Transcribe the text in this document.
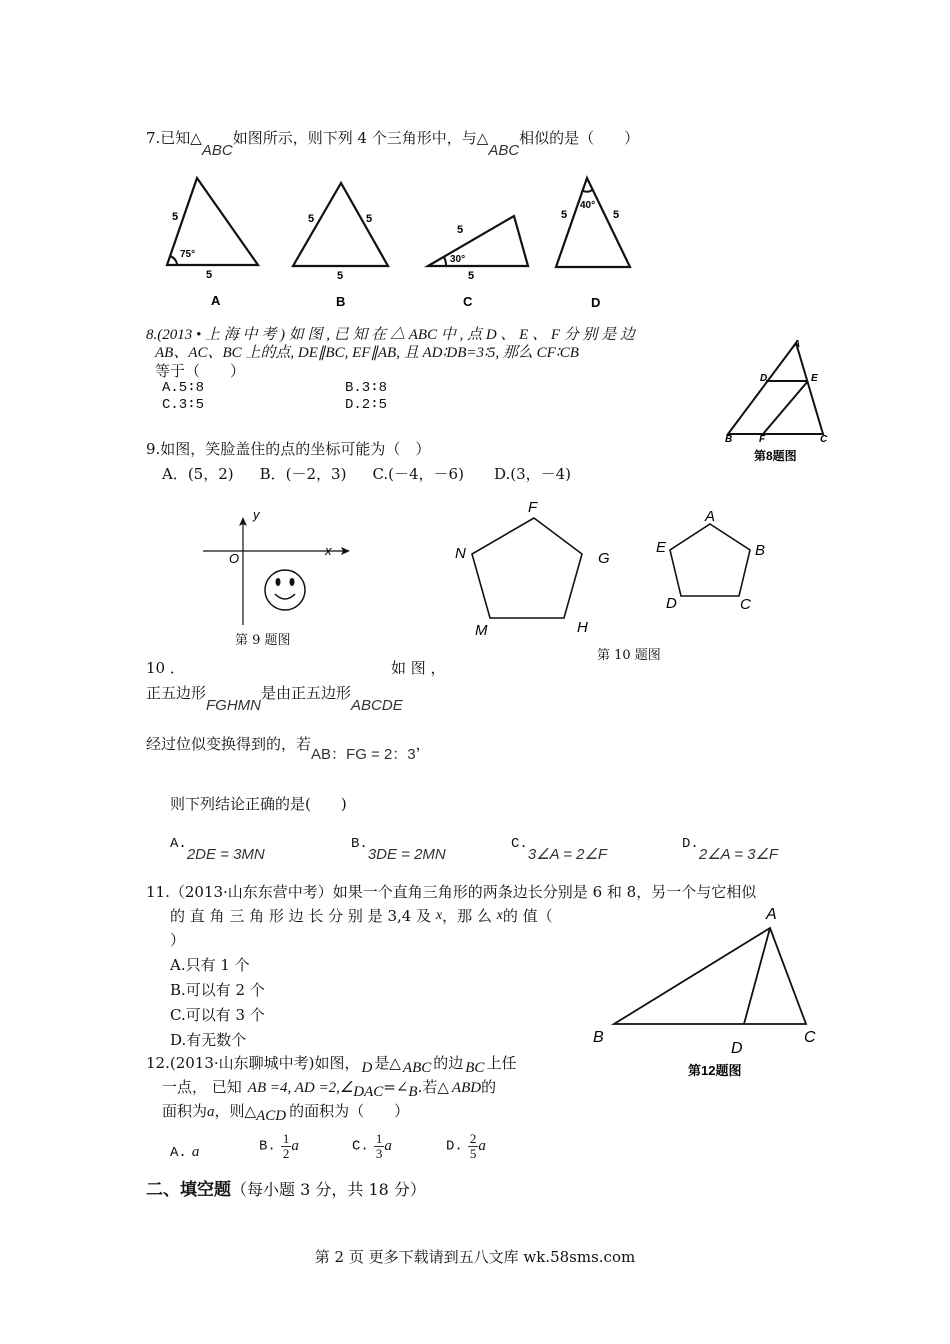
7.已知△ABC如图所示，则下列 4 个三角形中，与△ABC相似的是（　　）
5
75°
5
A
5	5
5
B
5
30°
5
C
40°
5	5
D
8.(2013 • 上 海 中 考 ) 如 图 , 已 知 在 △ ABC 中 , 点 D 、 E 、 F 分 别 是 边
AB、AC、BC 上的点, DE∥BC, EF∥AB, 且 AD∶DB=3∶5, 那么 CF∶CB
等于（　　）
A.5∶8	B.3∶8
C.3∶5	D.2∶5
A
D	E
B	F	C
第8题图
9.如图，笑脸盖住的点的坐标可能为（　）
A．(5，2) B．(－2，3) C.(－4，－6) D.(3，－4)
y
x
O
第 9 题图
F
G
H
M
N
A
B
C
D
E
第 10 题图
10 ．	如 图 ，
正五边形FGHMN是由正五边形ABCDE
经过位似变换得到的，若AB：FG = 2：3，
则下列结论正确的是(　　)
A.2DE = 3MN
B.3DE = 2MN
C.3∠A = 2∠F
D.2∠A = 3∠F
11.（2013·山东东营中考）如果一个直角三角形的两条边长分别是 6 和 8，另一个与它相似
的 直 角 三 角 形 边 长 分 别 是 3,4 及 x，那 么 x的 值（
）
A.只有 1 个
B.可以有 2 个
C.可以有 3 个
D.有无数个
A
B
D
C
第12题图
12.(2013·山东聊城中考)如图， D 是△ ABC 的边 BC 上任
一点， 已知 AB =4, AD =2,∠DAC=∠B.若△ ABD的
面积为a，则△ACD 的面积为（　　）
A. a	B. $\frac{1}{2}$ a	C. $\frac{1}{3}$ a	D. $\frac{2}{5}$ a
二、填空题（每小题 3 分，共 18 分）
第 2 页 更多下载请到五八文库 wk.58sms.com
